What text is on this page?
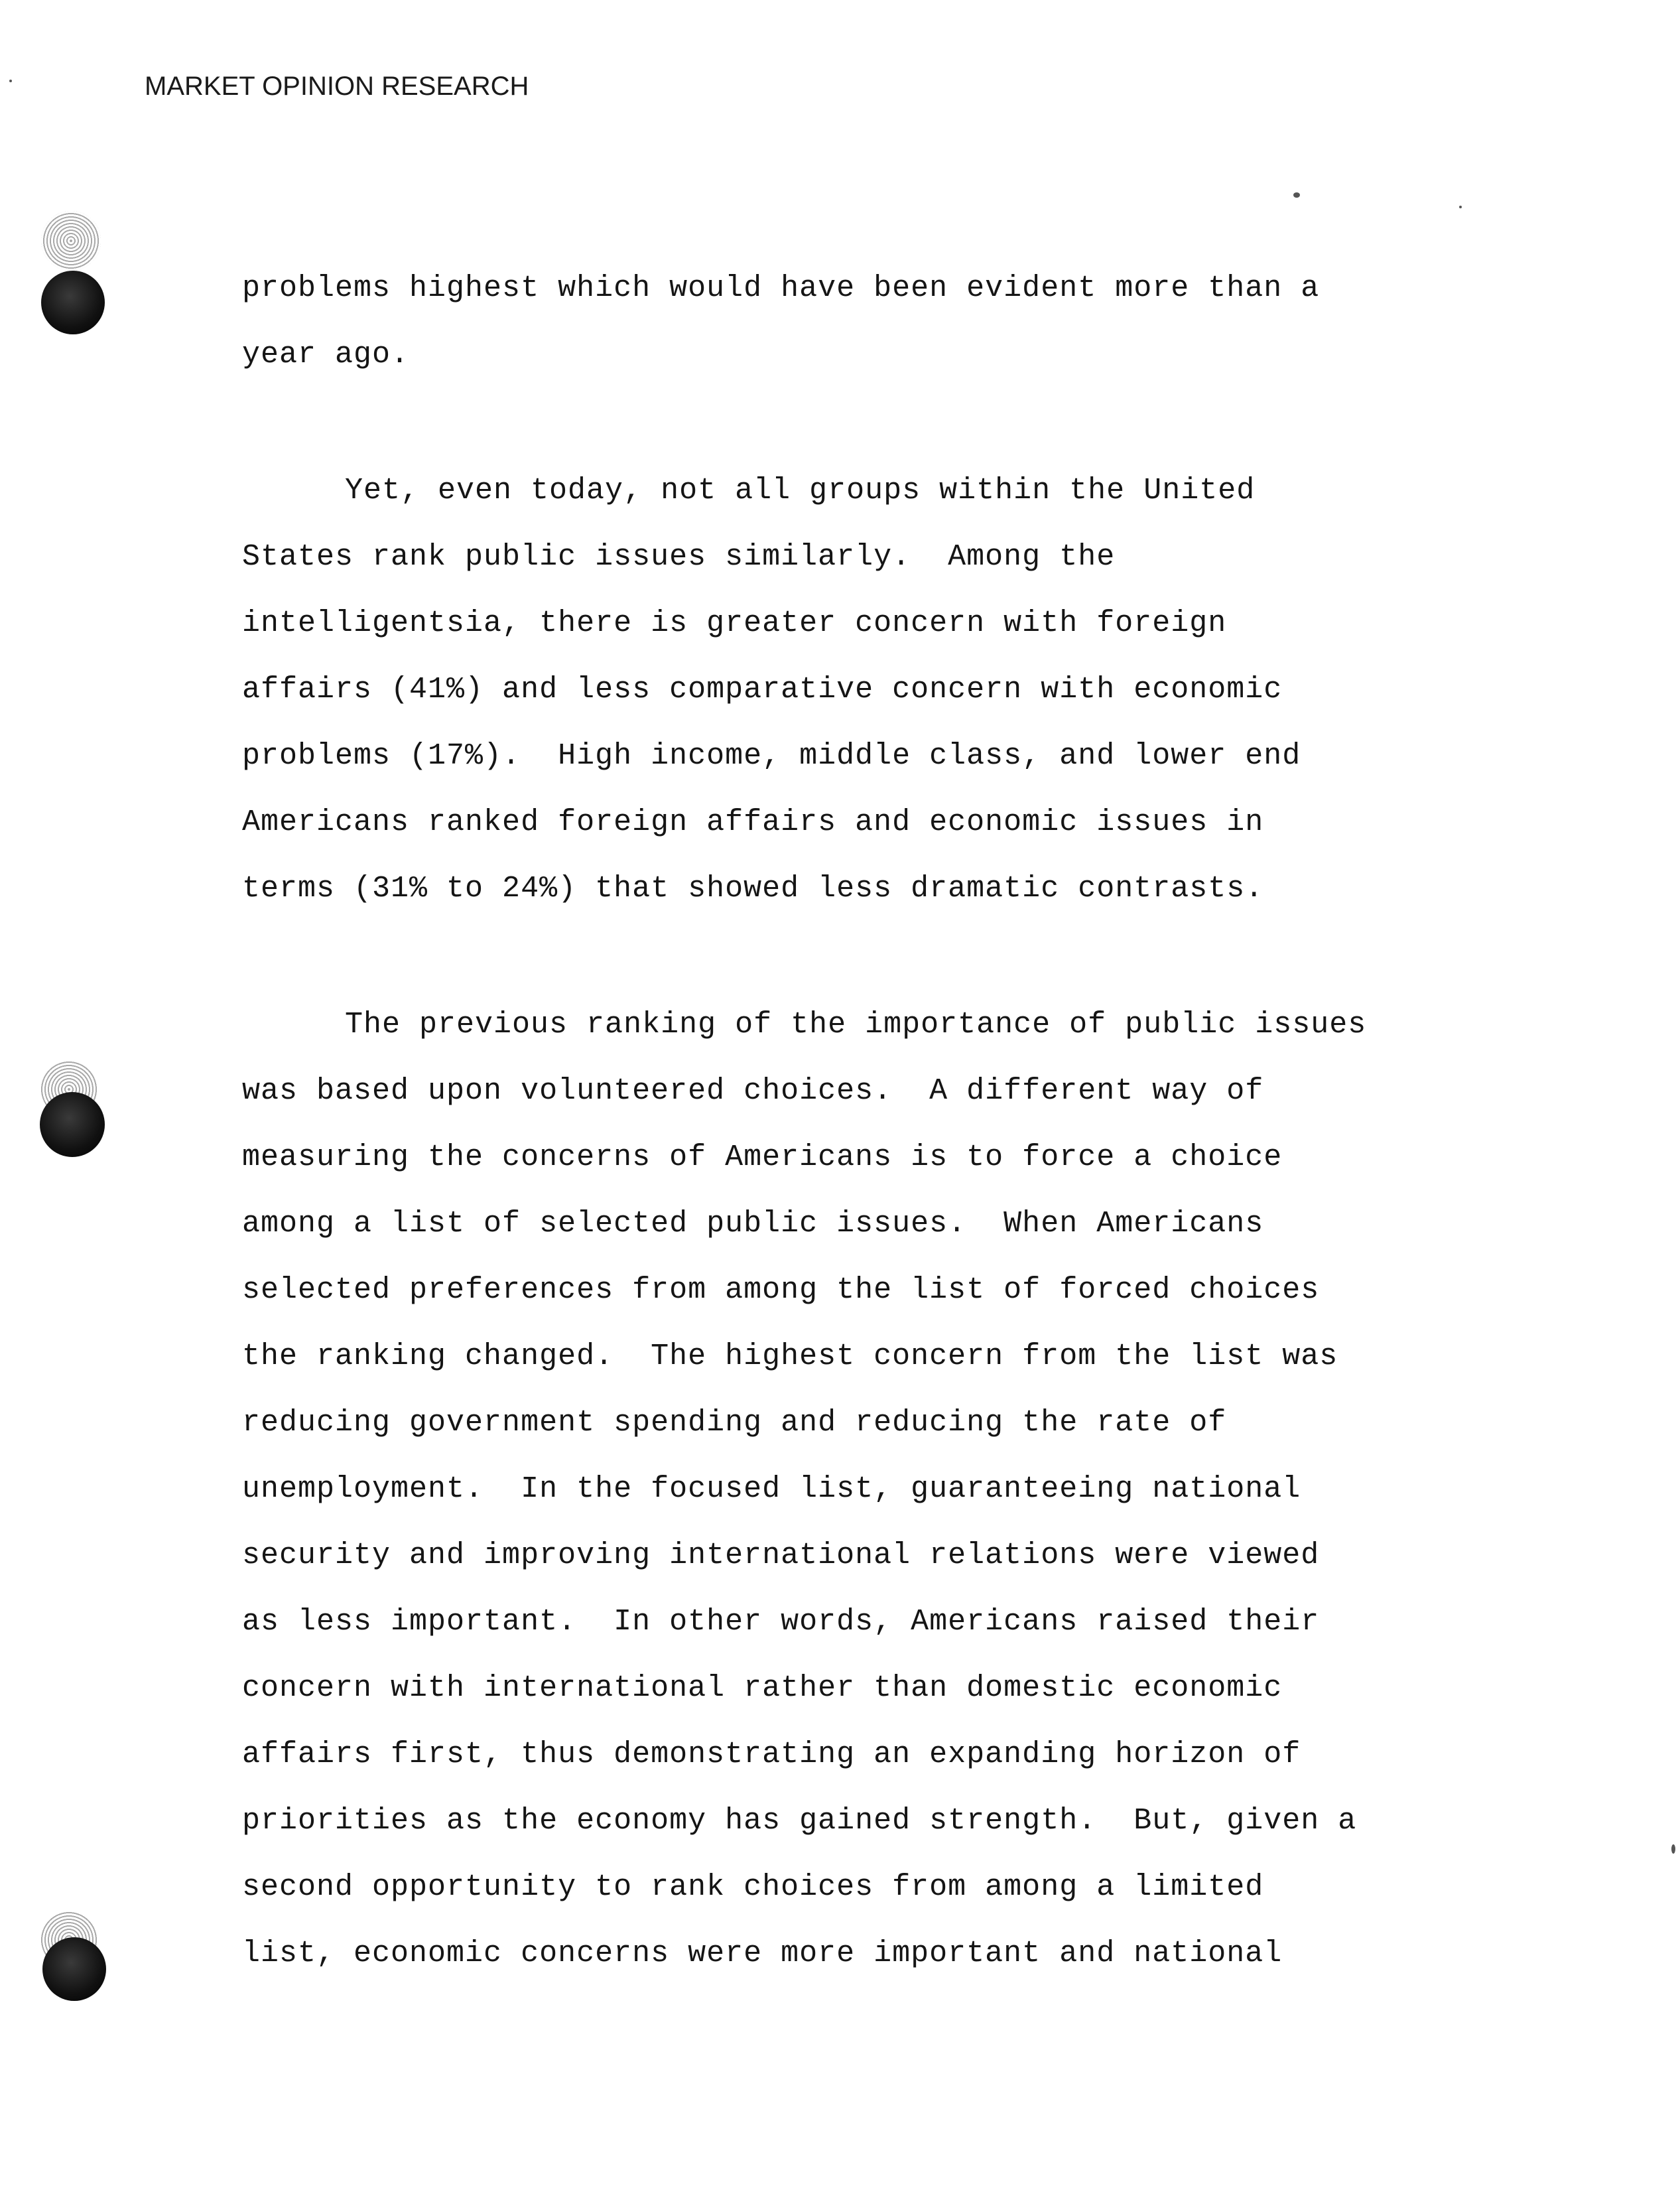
MARKET OPINION RESEARCH
problems highest which would have been evident more than a
year ago.
Yet, even today, not all groups within the United
States rank public issues similarly.  Among the
intelligentsia, there is greater concern with foreign
affairs (41%) and less comparative concern with economic
problems (17%).  High income, middle class, and lower end
Americans ranked foreign affairs and economic issues in
terms (31% to 24%) that showed less dramatic contrasts.
The previous ranking of the importance of public issues
was based upon volunteered choices.  A different way of
measuring the concerns of Americans is to force a choice
among a list of selected public issues.  When Americans
selected preferences from among the list of forced choices
the ranking changed.  The highest concern from the list was
reducing government spending and reducing the rate of
unemployment.  In the focused list, guaranteeing national
security and improving international relations were viewed
as less important.  In other words, Americans raised their
concern with international rather than domestic economic
affairs first, thus demonstrating an expanding horizon of
priorities as the economy has gained strength.  But, given a
second opportunity to rank choices from among a limited
list, economic concerns were more important and national
